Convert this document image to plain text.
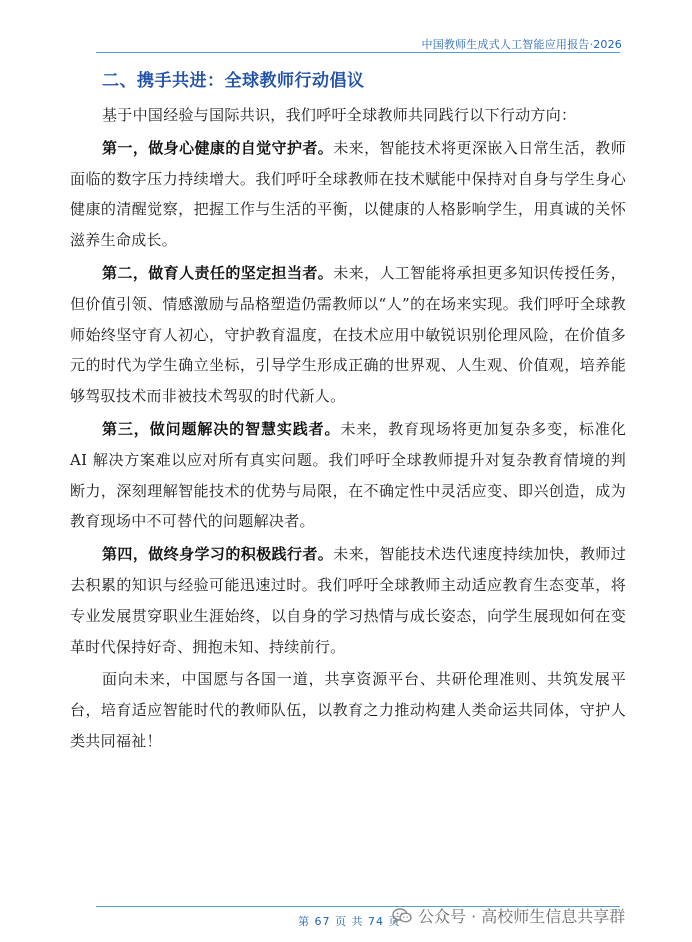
中国教师生成式人工智能应用报告·2026
二、携手共进：全球教师行动倡议

基于中国经验与国际共识，我们呼吁全球教师共同践行以下行动方向：

第一，做身心健康的自觉守护者。未来，智能技术将更深嵌入日常生活，教师面临的数字压力持续增大。我们呼吁全球教师在技术赋能中保持对自身与学生身心健康的清醒觉察，把握工作与生活的平衡，以健康的人格影响学生，用真诚的关怀滋养生命成长。

第二，做育人责任的坚定担当者。未来，人工智能将承担更多知识传授任务，但价值引领、情感激励与品格塑造仍需教师以“人”的在场来实现。我们呼吁全球教师始终坚守育人初心，守护教育温度，在技术应用中敏锐识别伦理风险，在价值多元的时代为学生确立坐标，引导学生形成正确的世界观、人生观、价值观，培养能够驾驭技术而非被技术驾驭的时代新人。

第三，做问题解决的智慧实践者。未来，教育现场将更加复杂多变，标准化 AI 解决方案难以应对所有真实问题。我们呼吁全球教师提升对复杂教育情境的判断力，深刻理解智能技术的优势与局限，在不确定性中灵活应变、即兴创造，成为教育现场中不可替代的问题解决者。

第四，做终身学习的积极践行者。未来，智能技术迭代速度持续加快，教师过去积累的知识与经验可能迅速过时。我们呼吁全球教师主动适应教育生态变革，将专业发展贯穿职业生涯始终，以自身的学习热情与成长姿态，向学生展现如何在变革时代保持好奇、拥抱未知、持续前行。

面向未来，中国愿与各国一道，共享资源平台、共研伦理准则、共筑发展平台，培育适应智能时代的教师队伍，以教育之力推动构建人类命运共同体，守护人类共同福祉！

第 67 页 共 74 页 公众号 · 高校师生信息共享群
